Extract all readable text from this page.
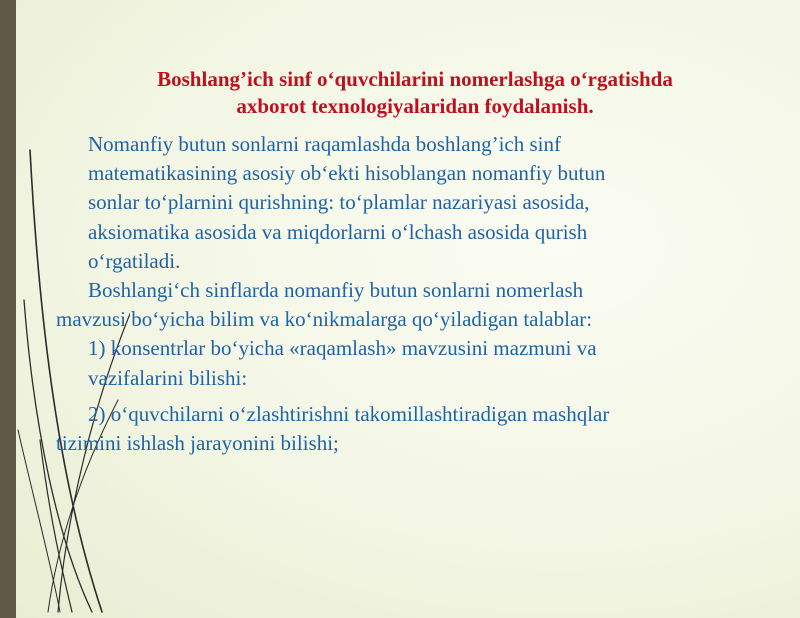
Boshlang’ich sinf o‘quvchilarini nomerlashga o‘rgatishda
axborot texnologiyalaridan foydalanish.

Nomanfiy butun sonlarni raqamlashda boshlang’ich sinf

matematikasining asosiy ob‘ekti hisoblangan nomanfiy butun

sonlar to‘plarnini qurishning: to‘plamlar nazariyasi asosida,

aksiomatika asosida va miqdorlarni o‘lchash asosida qurish

o‘rgatiladi.

Boshlangi‘ch sinflarda nomanfiy butun sonlarni nomerlash

mavzusi bo‘yicha bilim va ko‘nikmalarga qo‘yiladigan talablar:

1) konsentrlar bo‘yicha «raqamlash» mavzusini mazmuni va

vazifalarini bilishi:

2) o‘quvchilarni o‘zlashtirishni takomillashtiradigan mashqlar

tizimini ishlash jarayonini bilishi;
